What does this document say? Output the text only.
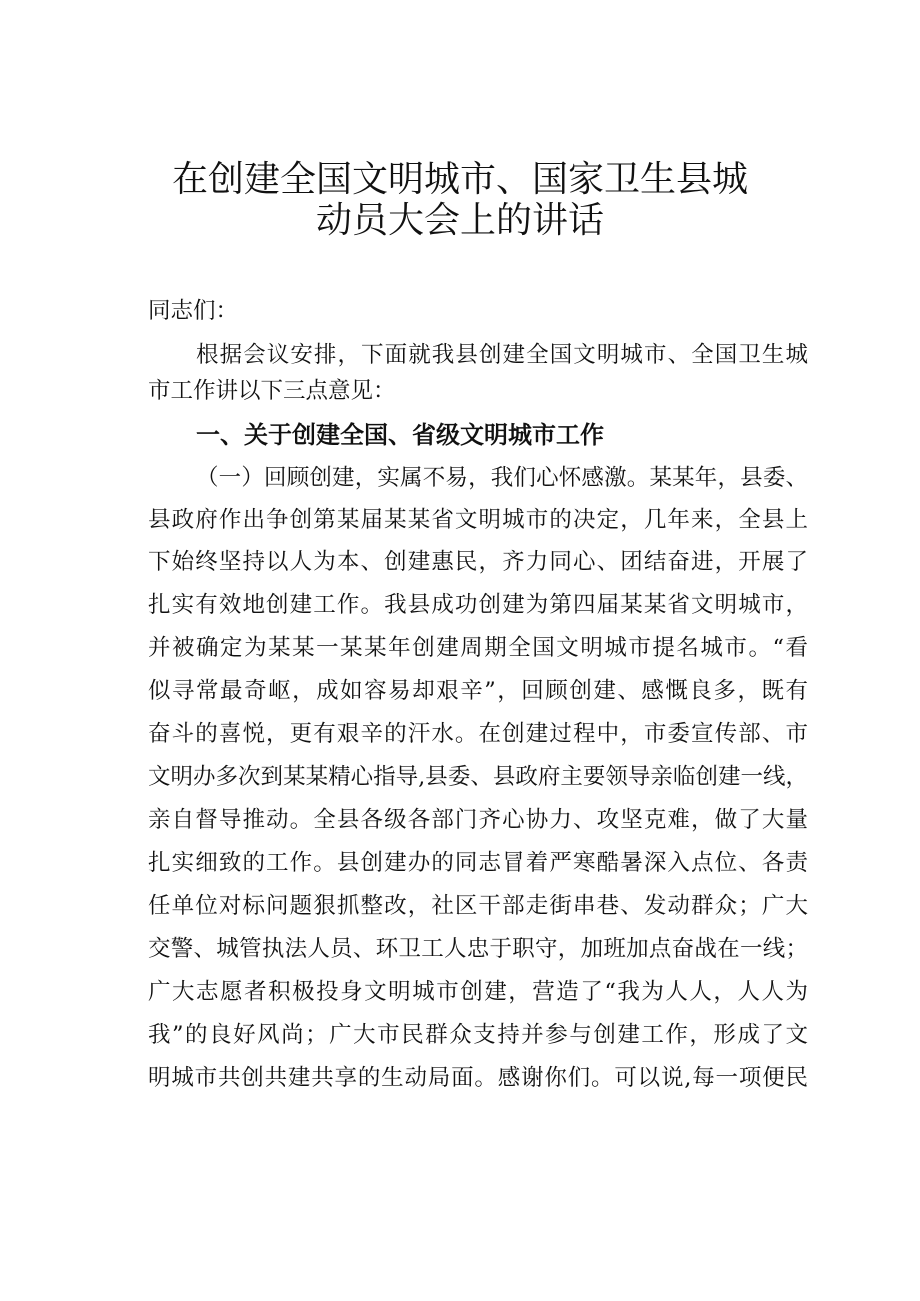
在创建全国文明城市、国家卫生县城
动员大会上的讲话
同志们：
根据会议安排，下面就我县创建全国文明城市、全国卫生城
市工作讲以下三点意见：
一、关于创建全国、省级文明城市工作
（一）回顾创建，实属不易，我们心怀感激。某某年，县委、
县政府作出争创第某届某某省文明城市的决定，几年来，全县上
下始终坚持以人为本、创建惠民，齐力同心、团结奋进，开展了
扎实有效地创建工作。我县成功创建为第四届某某省文明城市，
并被确定为某某一某某年创建周期全国文明城市提名城市。“看
似寻常最奇岖，成如容易却艰辛”，回顾创建、感慨良多，既有
奋斗的喜悦，更有艰辛的汗水。在创建过程中，市委宣传部、市
文明办多次到某某精心指导,县委、县政府主要领导亲临创建一线，
亲自督导推动。全县各级各部门齐心协力、攻坚克难，做了大量
扎实细致的工作。县创建办的同志冒着严寒酷暑深入点位、各责
任单位对标问题狠抓整改，社区干部走街串巷、发动群众；广大
交警、城管执法人员、环卫工人忠于职守，加班加点奋战在一线；
广大志愿者积极投身文明城市创建，营造了“我为人人，人人为
我”的良好风尚；广大市民群众支持并参与创建工作，形成了文
明城市共创共建共享的生动局面。感谢你们。可以说,每一项便民
